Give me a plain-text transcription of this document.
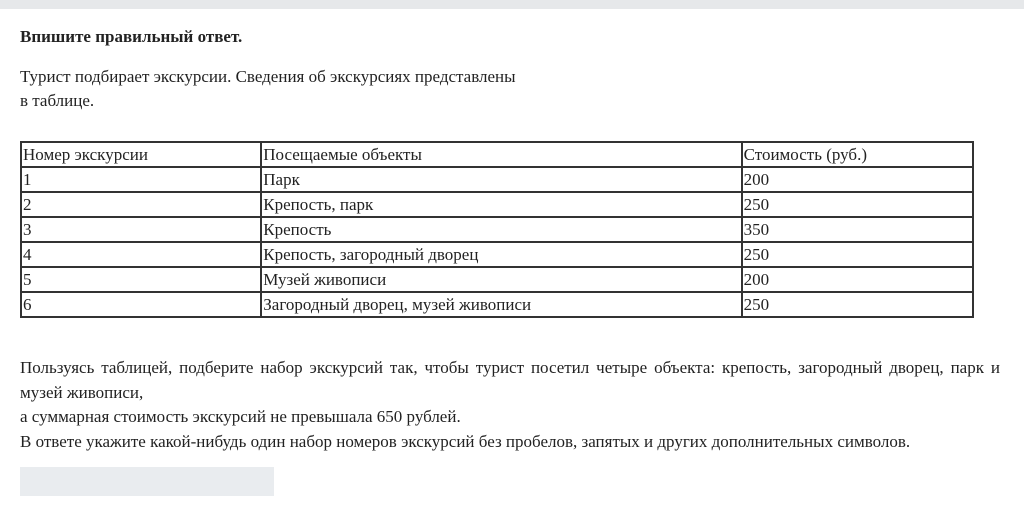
Впишите правильный ответ.

Турист подбирает экскурсии. Сведения об экскурсиях представлены
в таблице.

Номер экскурсии	Посещаемые объекты	Стоимость (руб.)
1	Парк	200
2	Крепость, парк	250
3	Крепость	350
4	Крепость, загородный дворец	250
5	Музей живописи	200
6	Загородный дворец, музей живописи	250

Пользуясь таблицей, подберите набор экскурсий так, чтобы турист посетил четыре объекта: крепость, загородный дворец, парк и музей живописи,

а суммарная стоимость экскурсий не превышала 650 рублей.

В ответе укажите какой-нибудь один набор номеров экскурсий без пробелов, запятых и других дополнительных символов.
